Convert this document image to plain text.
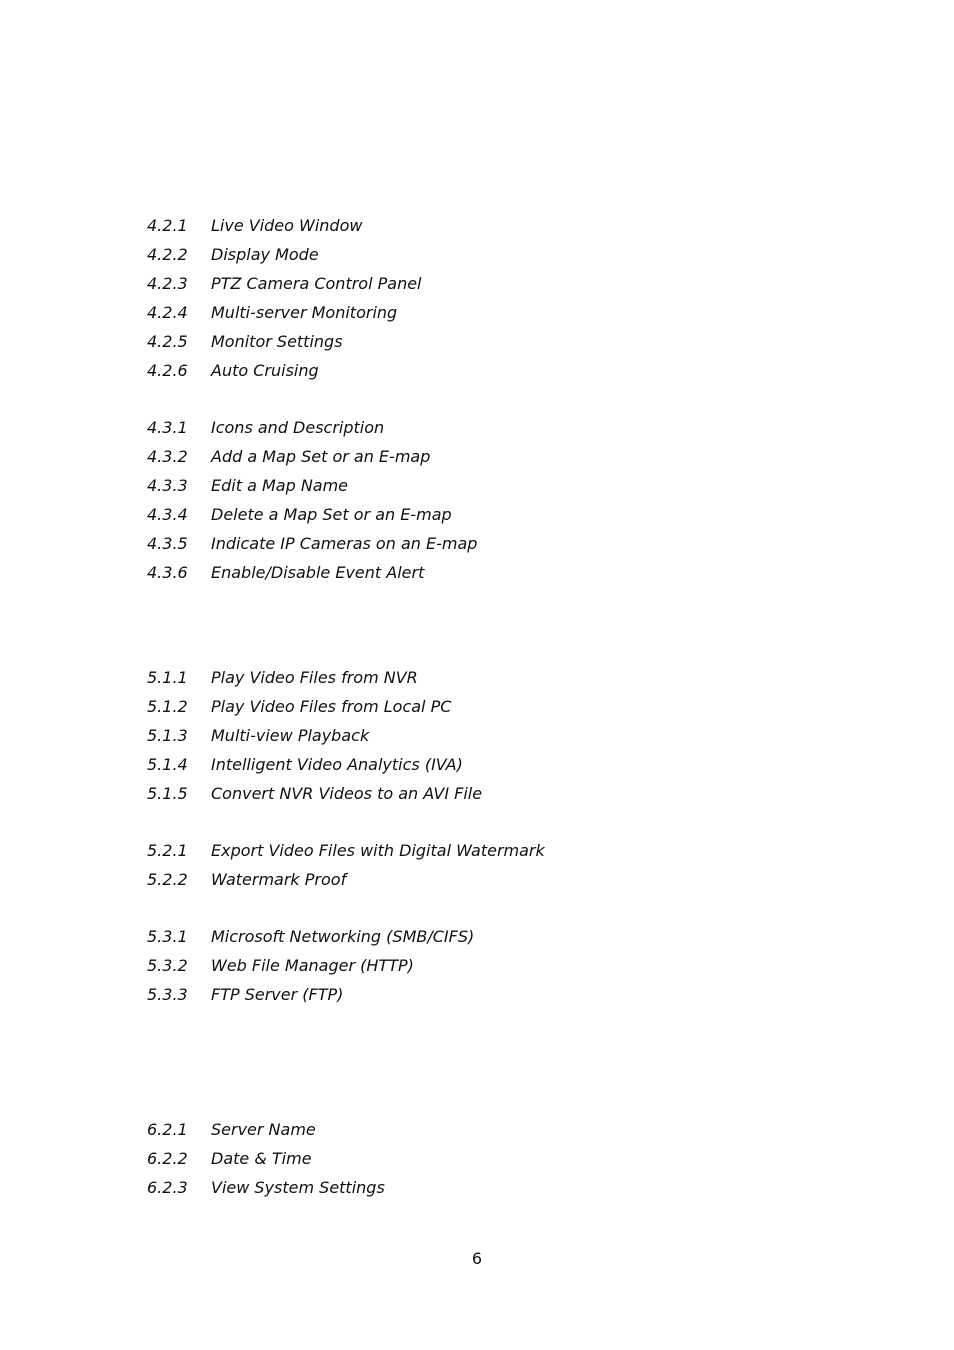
4.2.1	Live Video Window
4.2.2	Display Mode
4.2.3	PTZ Camera Control Panel
4.2.4	Multi-server Monitoring
4.2.5	Monitor Settings
4.2.6	Auto Cruising
4.3.1	Icons and Description
4.3.2	Add a Map Set or an E-map
4.3.3	Edit a Map Name
4.3.4	Delete a Map Set or an E-map
4.3.5	Indicate IP Cameras on an E-map
4.3.6	Enable/Disable Event Alert
5.1.1	Play Video Files from NVR
5.1.2	Play Video Files from Local PC
5.1.3	Multi-view Playback
5.1.4	Intelligent Video Analytics (IVA)
5.1.5	Convert NVR Videos to an AVI File
5.2.1	Export Video Files with Digital Watermark
5.2.2	Watermark Proof
5.3.1	Microsoft Networking (SMB/CIFS)
5.3.2	Web File Manager (HTTP)
5.3.3	FTP Server (FTP)
6.2.1	Server Name
6.2.2	Date & Time
6.2.3	View System Settings
6
